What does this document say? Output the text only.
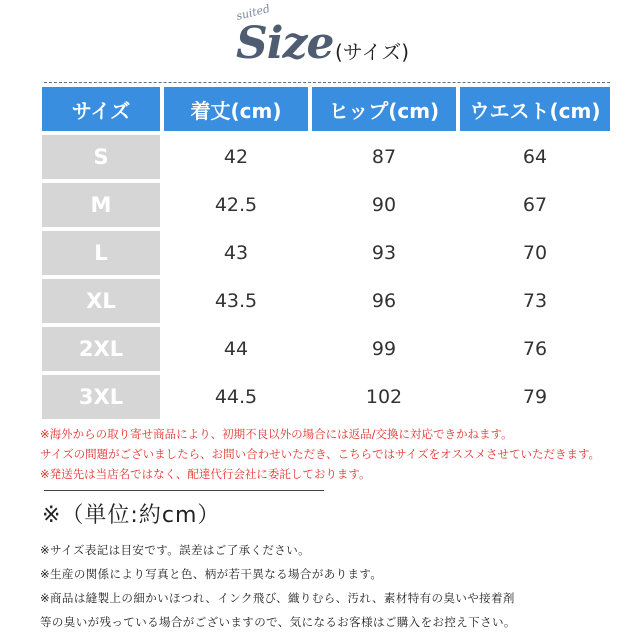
suited
Size (サイズ)
サイズ	着丈(cm)	ヒップ(cm)	ウエスト(cm)
S	42	87	64
M	42.5	90	67
L	43	93	70
XL	43.5	96	73
2XL	44	99	76
3XL	44.5	102	79
※海外からの取り寄せ商品により、初期不良以外の場合には返品/交換に対応できかねます。
サイズの問題がございましたら、お問い合わせいただき、こちらではサイズをオススメさせていただきます。
※発送先は当店名ではなく、配達代行会社に委託しております。
※（単位:約cm）
※サイズ表記は目安です。誤差はご了承ください。
※生産の関係により写真と色、柄が若干異なる場合があります。
※商品は縫製上の細かいほつれ、インク飛び、織りむら、汚れ、素材特有の臭いや接着剤
等の臭いが残っている場合がございますので、気になるお客様はご購入をお控え下さい。
